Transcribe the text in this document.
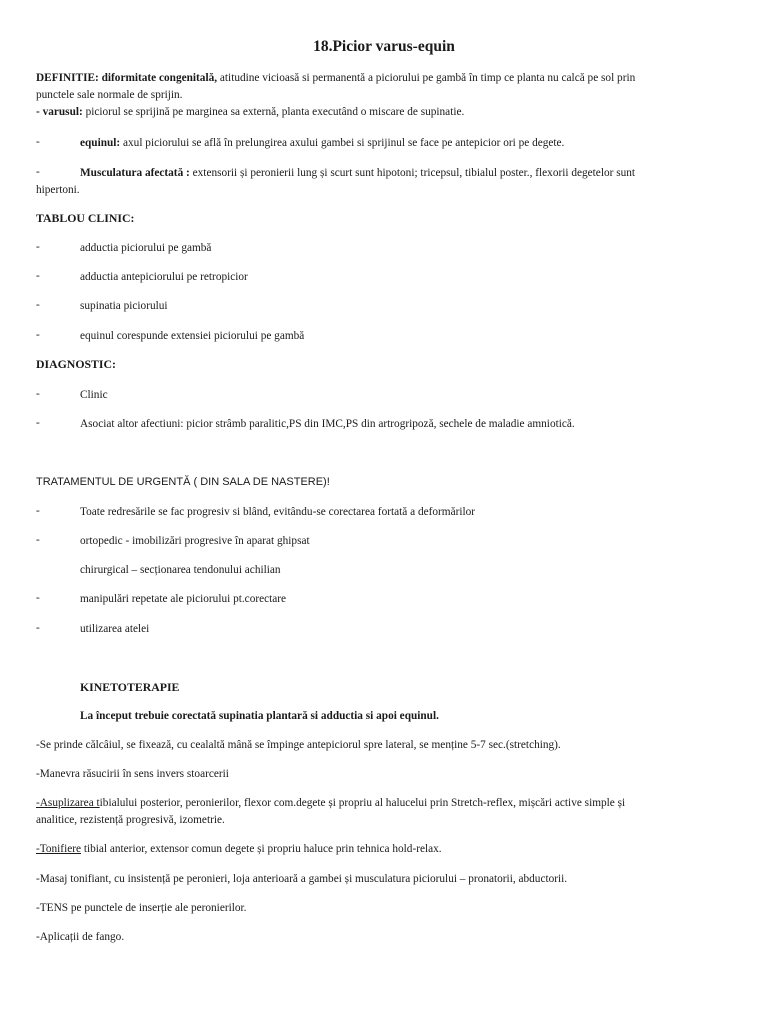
18.Picior varus-equin
DEFINITIE: diformitate congenitală, atitudine vicioasă si permanentă a piciorului pe gambă în timp ce planta nu calcă pe sol prin
punctele sale normale de sprijin.
- varusul: piciorul se sprijină pe marginea sa externă, planta executând o miscare de supinatie.
-	equinul: axul piciorului se află în prelungirea axului gambei si sprijinul se face pe antepicior ori pe degete.
-	Musculatura afectată : extensorii și peronierii lung și scurt sunt hipotoni; tricepsul, tibialul poster., flexorii degetelor sunt
hipertoni.
TABLOU CLINIC:
-	adductia piciorului pe gambă
-	adductia antepiciorului pe retropicior
-	supinatia piciorului
-	equinul corespunde extensiei piciorului pe gambă
DIAGNOSTIC:
-	Clinic
-	Asociat altor afectiuni: picior strâmb paralitic,PS din IMC,PS din artrogripoză, sechele de maladie amniotică.
TRATAMENTUL DE URGENTĂ ( DIN SALA DE NASTERE)!
-	Toate redresările se fac progresiv si blând, evitându-se corectarea fortată a deformărilor
-	ortopedic - imobilizări progresive în aparat ghipsat
chirurgical – secționarea tendonului achilian
-	manipulări repetate ale piciorului pt.corectare
-	utilizarea atelei
KINETOTERAPIE
La început trebuie corectată supinatia plantară si adductia si apoi equinul.
-Se prinde călcâiul, se fixează, cu cealaltă mână se împinge antepiciorul spre lateral, se menține 5-7 sec.(stretching).
-Manevra răsucirii în sens invers stoarcerii
-Asuplizarea tibialului posterior, peronierilor, flexor com.degete și propriu al halucelui prin Stretch-reflex, mișcări active simple și
analitice, rezistență progresivă, izometrie.
-Tonifiere tibial anterior, extensor comun degete și propriu haluce prin tehnica hold-relax.
-Masaj tonifiant, cu insistență pe peronieri, loja anterioară a gambei și musculatura piciorului – pronatorii, abductorii.
-TENS pe punctele de inserție ale peronierilor.
-Aplicații de fango.
